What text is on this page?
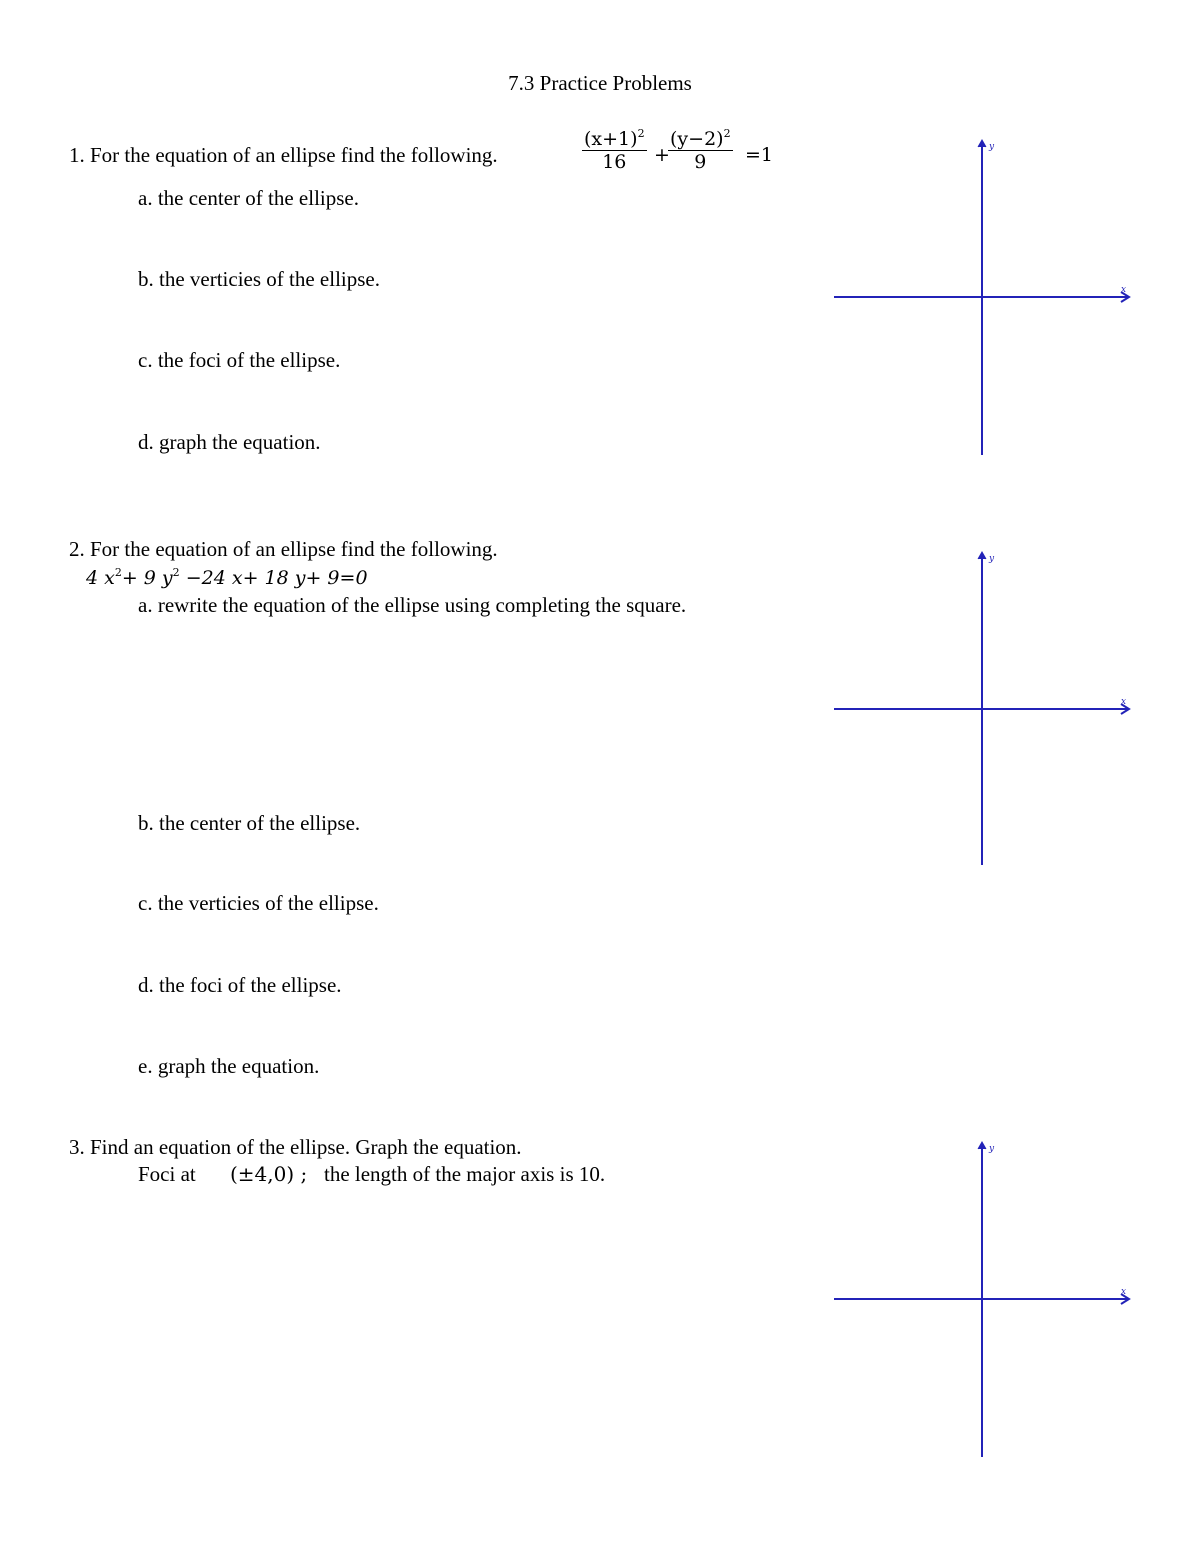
7.3 Practice Problems
1. For the equation of an ellipse find the following.	$\frac{(x+1)^2}{16}$ +
$\frac{(y-2)^2}{9} =1$
a. the center of the ellipse.
b. the verticies of the ellipse.
c. the foci of the ellipse.
d. graph the equation.
y
x
2. For the equation of an ellipse find the following.
4 $x^2+ 9$ $y^2 -24$ x+ 18 y+ 9=0
a. rewrite the equation of the ellipse using completing the square.
b. the center of the ellipse.
c. the verticies of the ellipse.
d. the foci of the ellipse.
e. graph the equation.
y
x
3. Find an equation of the ellipse. Graph the equation.
Foci at (±4,0) ; the length of the major axis is 10.
y
x
